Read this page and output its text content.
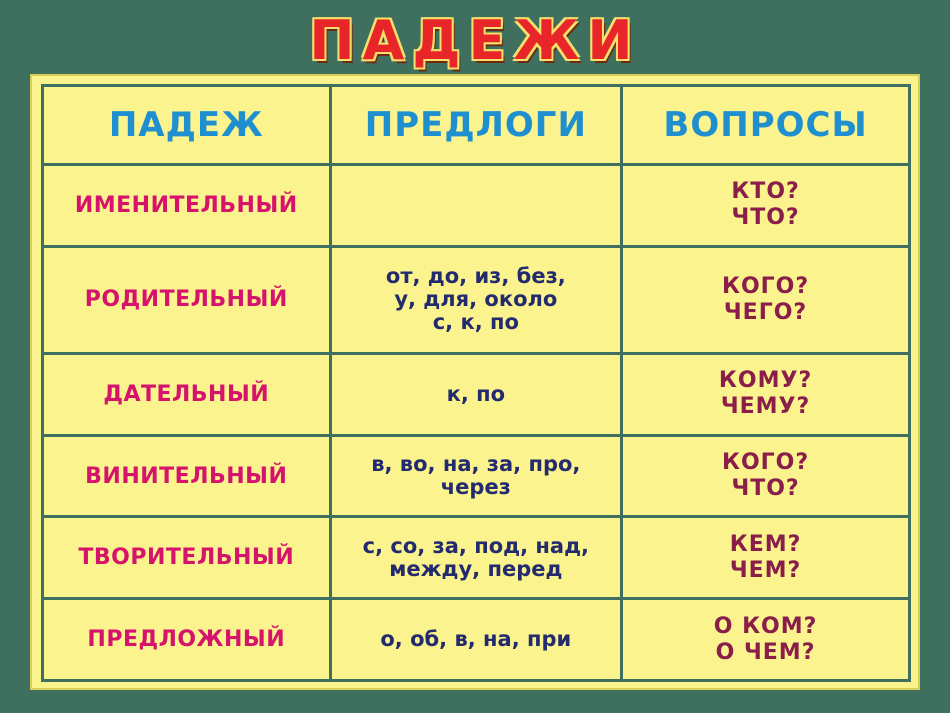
ПАДЕЖИ
ПАДЕЖ	ПРЕДЛОГИ	ВОПРОСЫ
ИМЕНИТЕЛЬНЫЙ		КТО?
ЧТО?

РОДИТЕЛЬНЫЙ	от, до, из, без,
у, для, около
с, к, по	КОГО?
ЧЕГО?

ДАТЕЛЬНЫЙ	к, по	КОМУ?
ЧЕМУ?

ВИНИТЕЛЬНЫЙ	в, во, на, за, про,
через	КОГО?
ЧТО?

ТВОРИТЕЛЬНЫЙ	с, со, за, под, над,
между, перед	КЕМ?
ЧЕМ?

ПРЕДЛОЖНЫЙ	о, об, в, на, при	О КОМ?
О ЧЕМ?
